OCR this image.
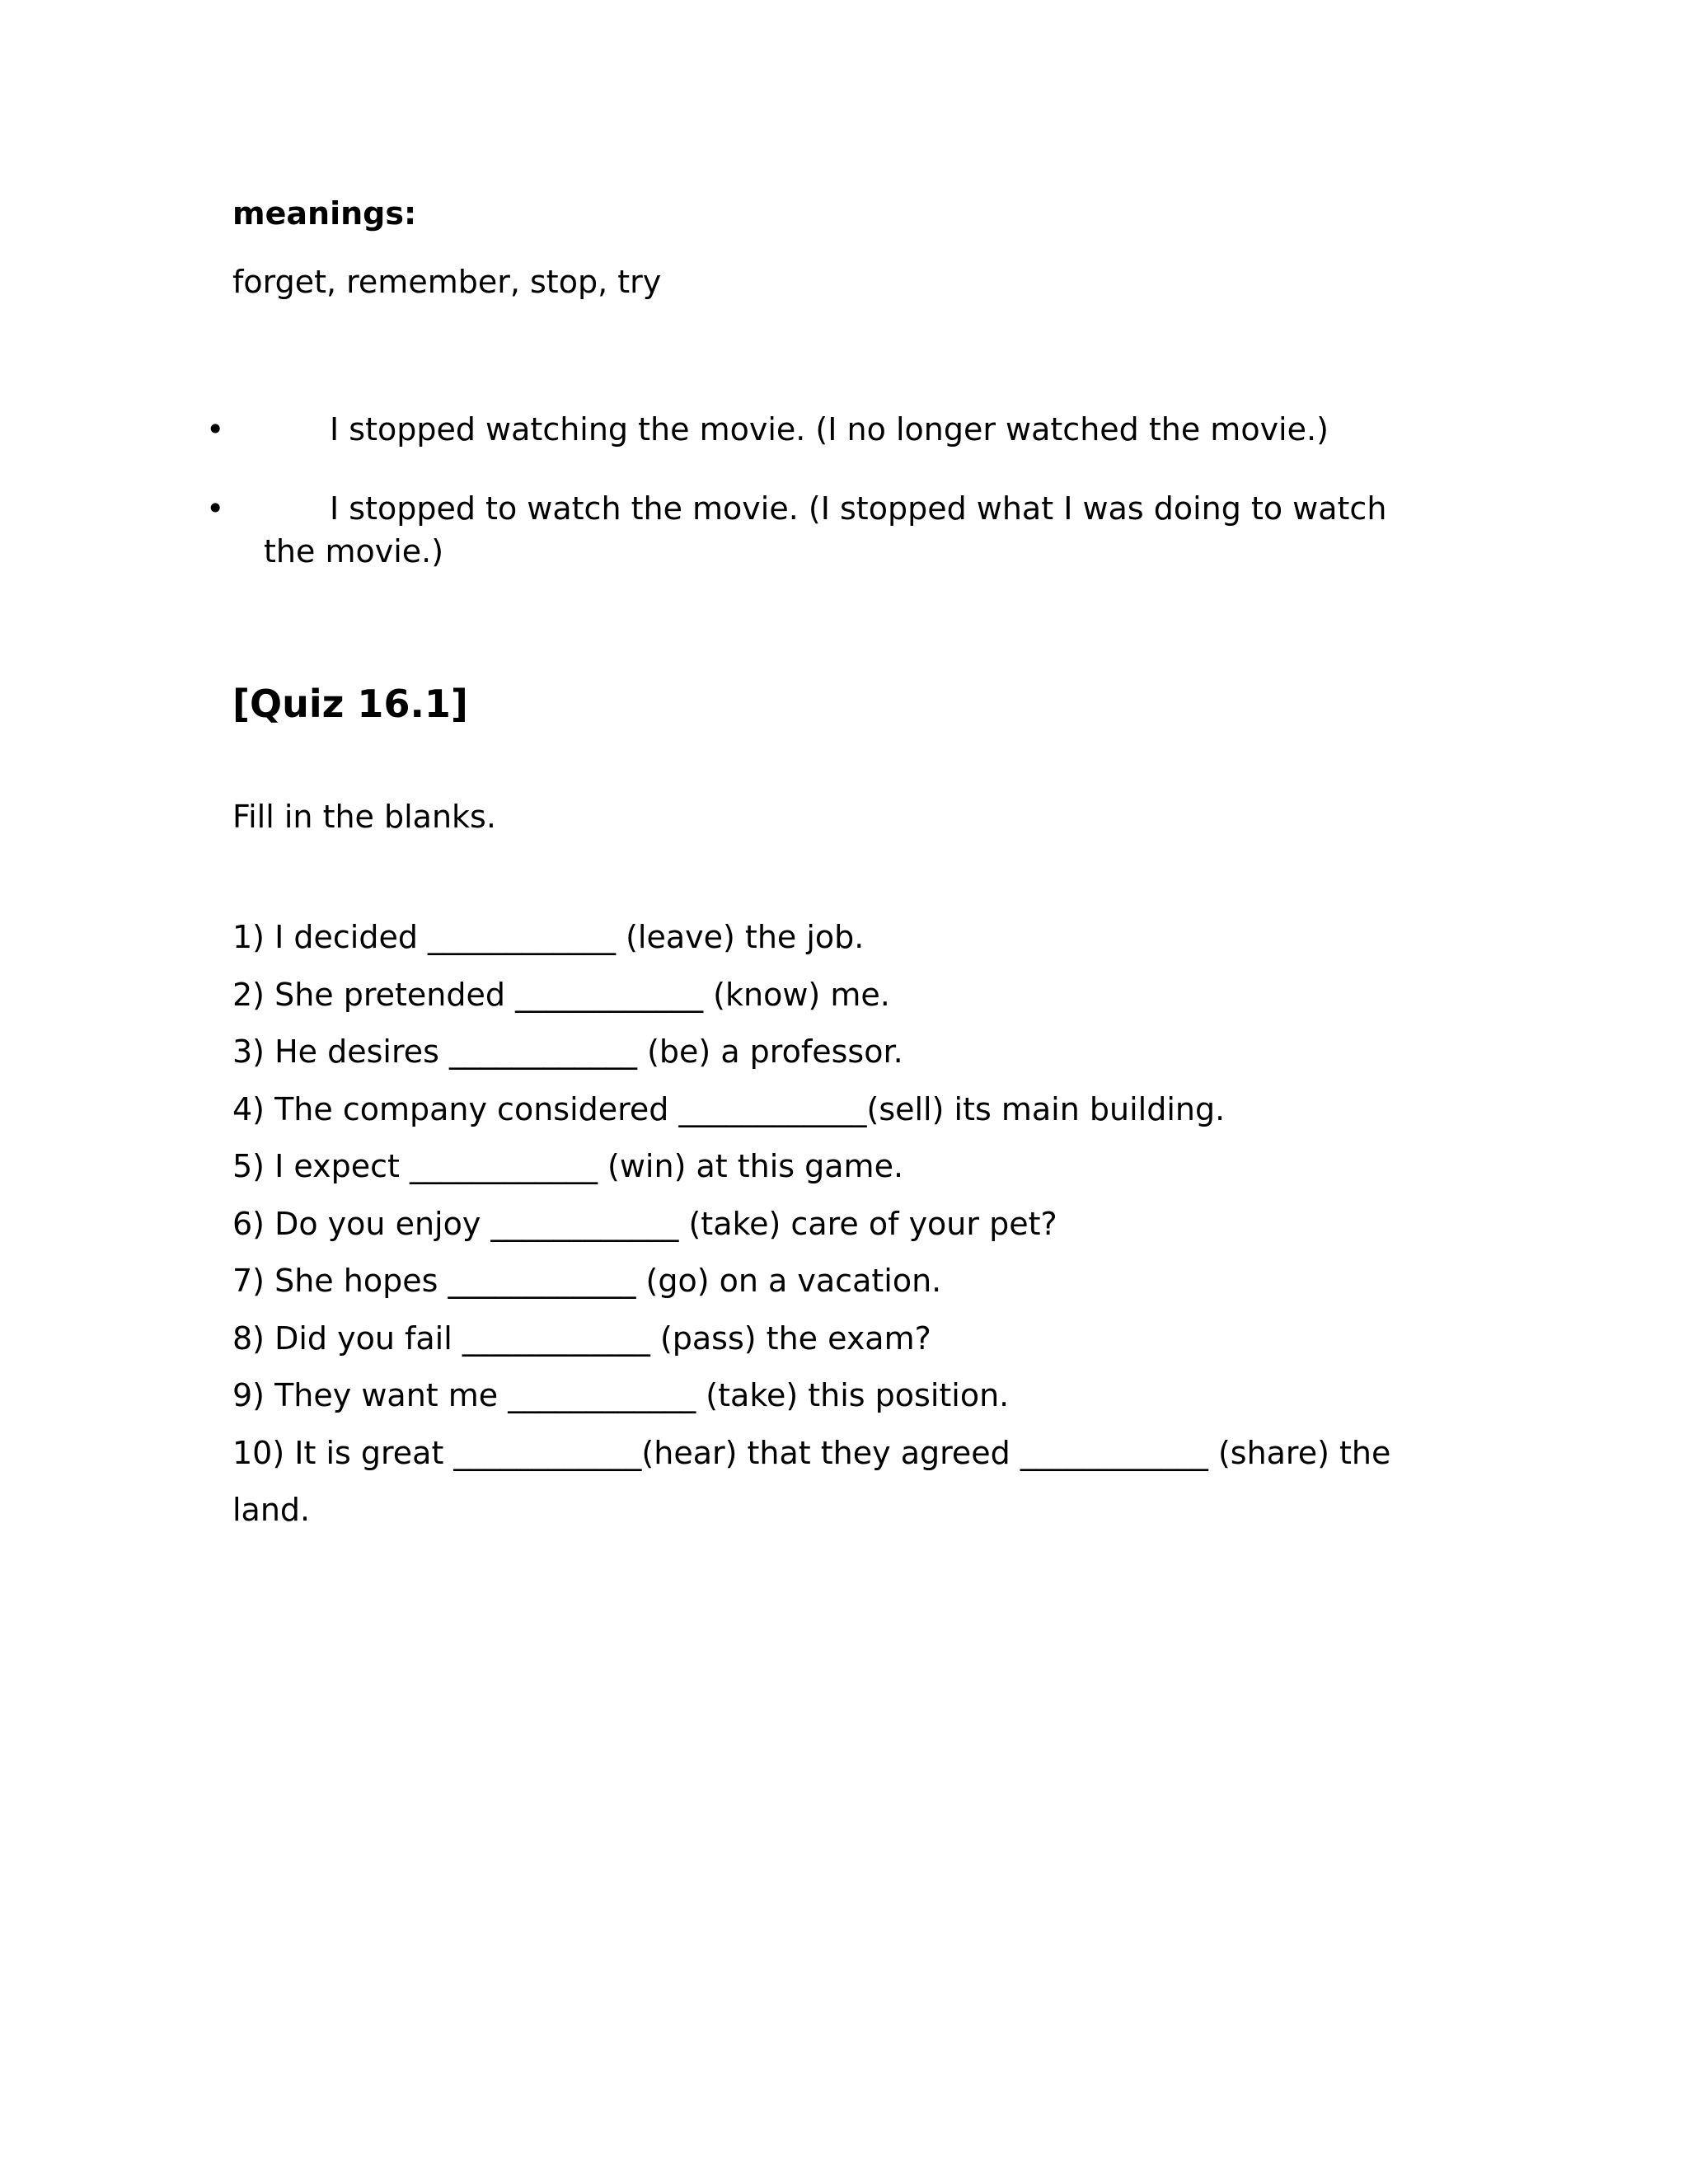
meanings:
forget, remember, stop, try
•	I stopped watching the movie. (I no longer watched the movie.)
•	I stopped to watch the movie. (I stopped what I was doing to watch the movie.)
[Quiz 16.1]
Fill in the blanks.
1) I decided ____________ (leave) the job.
2) She pretended ____________ (know) me.
3) He desires ____________ (be) a professor.
4) The company considered ____________(sell) its main building.
5) I expect ____________ (win) at this game.
6) Do you enjoy ____________ (take) care of your pet?
7) She hopes ____________ (go) on a vacation.
8) Did you fail ____________ (pass) the exam?
9) They want me ____________ (take) this position.
10) It is great ____________(hear) that they agreed ____________ (share) the land.
